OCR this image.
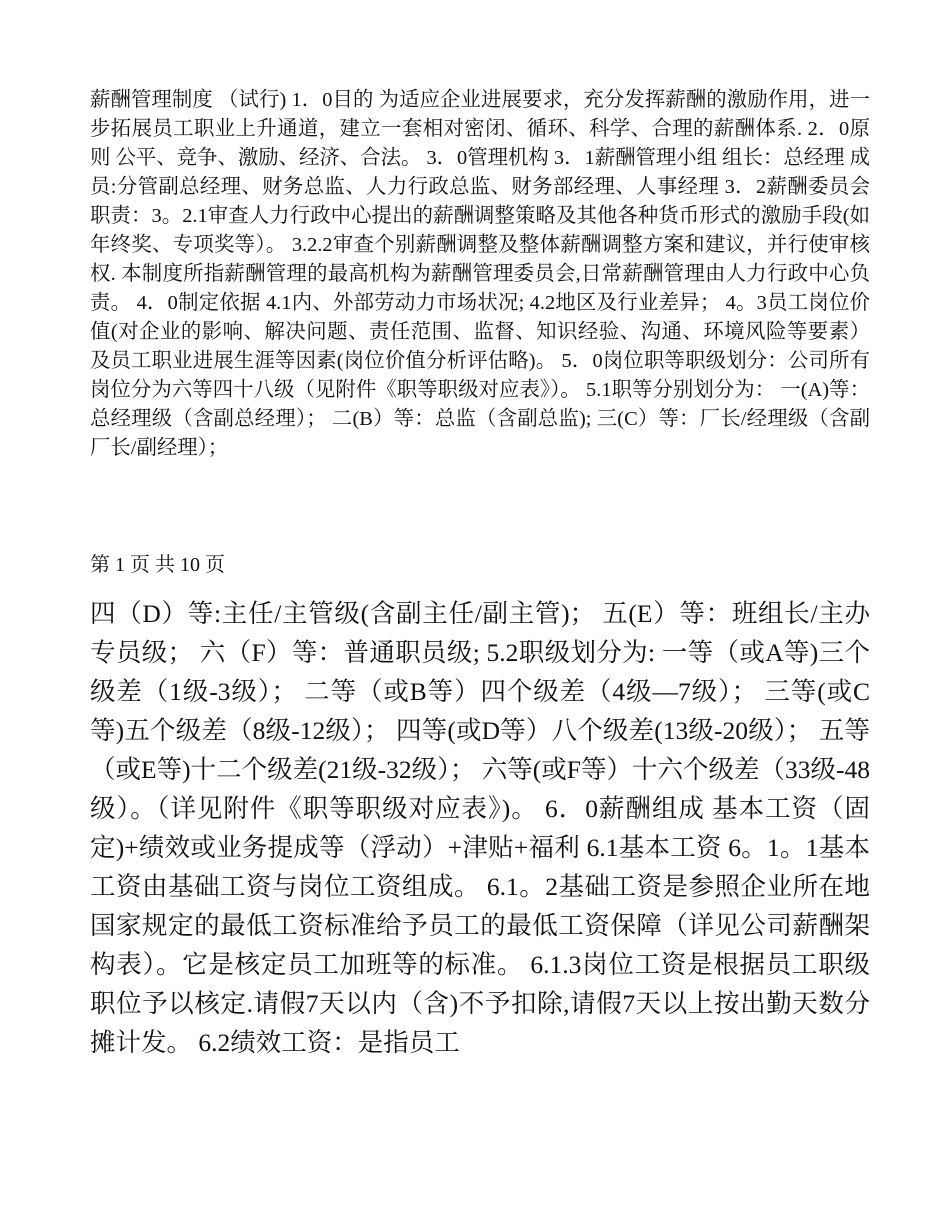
薪酬管理制度 （试行) 1．0目的 为适应企业进展要求，充分发挥薪酬的激励作用，进一步拓展员工职业上升通道，建立一套相对密闭、循环、科学、合理的薪酬体系. 2．0原则 公平、竞争、激励、经济、合法。 3．0管理机构 3．1薪酬管理小组 组长：总经理 成员:分管副总经理、财务总监、人力行政总监、财务部经理、人事经理 3．2薪酬委员会职责：3。2.1审查人力行政中心提出的薪酬调整策略及其他各种货币形式的激励手段(如年终奖、专项奖等）。 3.2.2审查个别薪酬调整及整体薪酬调整方案和建议，并行使审核权. 本制度所指薪酬管理的最高机构为薪酬管理委员会,日常薪酬管理由人力行政中心负责。 4．0制定依据 4.1内、外部劳动力市场状况; 4.2地区及行业差异； 4。3员工岗位价值(对企业的影响、解决问题、责任范围、监督、知识经验、沟通、环境风险等要素）及员工职业进展生涯等因素(岗位价值分析评估略)。 5．0岗位职等职级划分：公司所有岗位分为六等四十八级（见附件《职等职级对应表》）。 5.1职等分别划分为： 一(A)等：总经理级（含副总经理）； 二(B）等：总监（含副总监); 三(C）等：厂长/经理级（含副厂长/副经理）；

第 1 页 共 10 页

四（D）等:主任/主管级(含副主任/副主管)； 五(E）等：班组长/主办专员级； 六（F）等：普通职员级; 5.2职级划分为: 一等（或A等)三个级差（1级-3级）； 二等（或B等）四个级差（4级—7级）； 三等(或C等)五个级差（8级-12级）； 四等(或D等）八个级差(13级-20级）； 五等（或E等)十二个级差(21级-32级）； 六等(或F等）十六个级差（33级-48级）。（详见附件《职等职级对应表》)。 6．0薪酬组成 基本工资（固定)+绩效或业务提成等（浮动）+津贴+福利 6.1基本工资 6。1。1基本工资由基础工资与岗位工资组成。 6.1。2基础工资是参照企业所在地国家规定的最低工资标准给予员工的最低工资保障（详见公司薪酬架构表）。它是核定员工加班等的标准。 6.1.3岗位工资是根据员工职级职位予以核定.请假7天以内（含)不予扣除,请假7天以上按出勤天数分摊计发。 6.2绩效工资：是指员工
